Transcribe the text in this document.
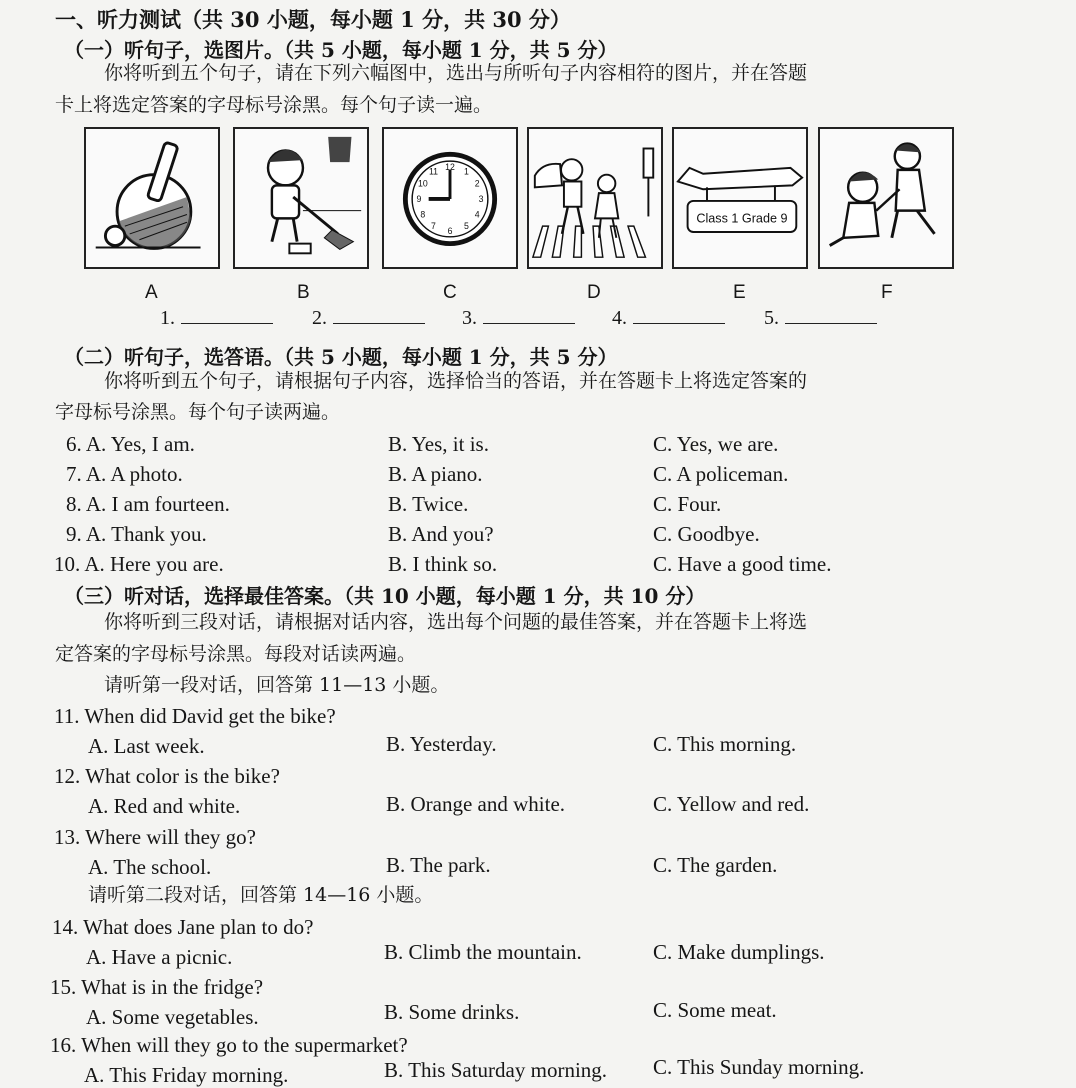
一、听力测试（共 30 小题，每小题 1 分，共 30 分）
（一）听句子，选图片。（共 5 小题，每小题 1 分，共 5 分）
你将听到五个句子，请在下列六幅图中，选出与所听句子内容相符的图片，并在答题
卡上将选定答案的字母标号涂黑。每个句子读一遍。
12 1
2
3
4
5
6
7
8
9
10
11
Class 1 Grade 9
A	B	C	D	E	F
1.	2.	3.	4.	5.
（二）听句子，选答语。（共 5 小题，每小题 1 分，共 5 分）
你将听到五个句子，请根据句子内容，选择恰当的答语，并在答题卡上将选定答案的
字母标号涂黑。每个句子读两遍。
6. A. Yes, I am.	B. Yes, it is.	C. Yes, we are.
7. A. A photo.	B. A piano.	C. A policeman.
8. A. I am fourteen.	B. Twice.	C. Four.
9. A. Thank you.	B. And you?	C. Goodbye.
10. A. Here you are.	B. I think so.	C. Have a good time.
（三）听对话，选择最佳答案。（共 10 小题，每小题 1 分，共 10 分）
你将听到三段对话，请根据对话内容，选出每个问题的最佳答案，并在答题卡上将选
定答案的字母标号涂黑。每段对话读两遍。
请听第一段对话，回答第 11—13 小题。
11. When did David get the bike?
A. Last week.	B. Yesterday.	C. This morning.
12. What color is the bike?
A. Red and white.	B. Orange and white.	C. Yellow and red.
13. Where will they go?
A. The school.	B. The park.	C. The garden.
请听第二段对话，回答第 14—16 小题。
14. What does Jane plan to do?
A. Have a picnic.	B. Climb the mountain.	C. Make dumplings.
15. What is in the fridge?
A. Some vegetables.	B. Some drinks.	C. Some meat.
16. When will they go to the supermarket?
A. This Friday morning.	B. This Saturday morning. C. This Sunday morning.
